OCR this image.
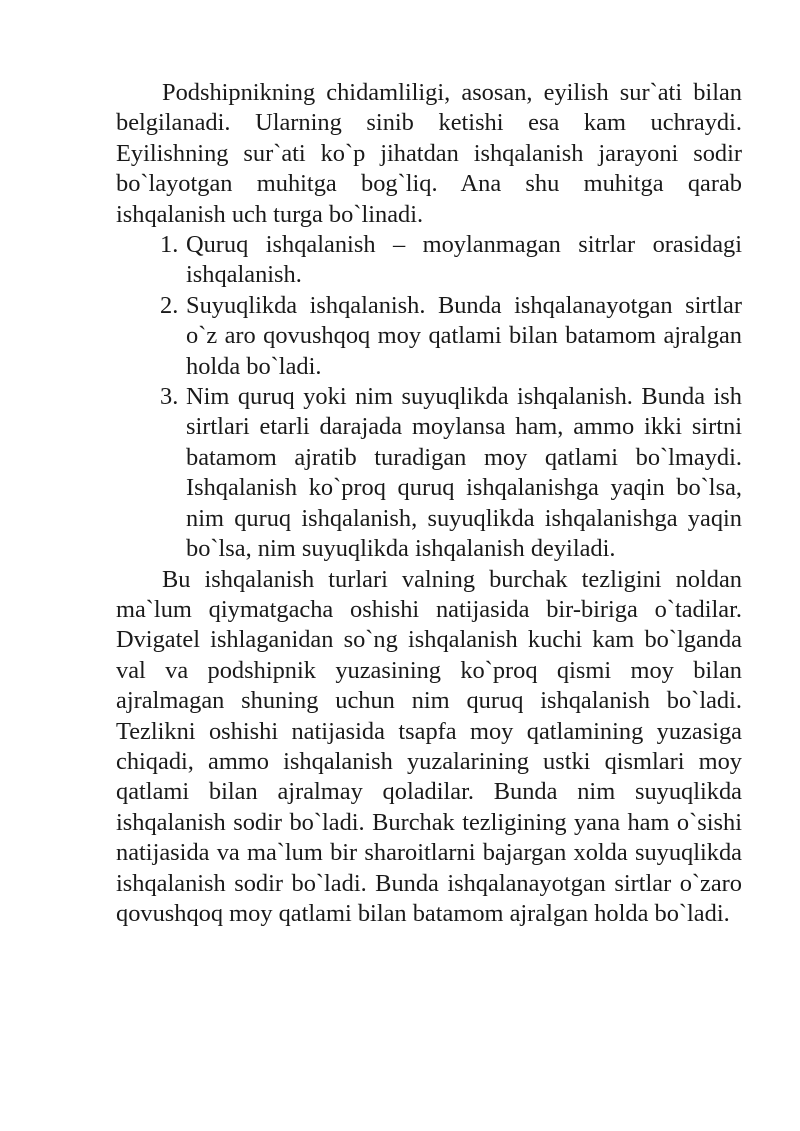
Podshipnikning chidamliligi, asosan, eyilish sur`ati bilan belgilanadi. Ularning sinib ketishi esa kam uchraydi. Eyilishning sur`ati ko`p jihatdan ishqalanish jarayoni sodir bo`layotgan muhitga bog`liq. Ana shu muhitga qarab ishqalanish uch turga bo`linadi.

1. Quruq ishqalanish – moylanmagan sitrlar orasidagi ishqalanish.
2. Suyuqlikda ishqalanish. Bunda ishqalanayotgan sirtlar o`z aro qovushqoq moy qatlami bilan batamom ajralgan holda bo`ladi.
3. Nim quruq yoki nim suyuqlikda ishqalanish. Bunda ish sirtlari etarli darajada moylansa ham, ammo ikki sirtni batamom ajratib turadigan moy qatlami bo`lmaydi. Ishqalanish ko`proq quruq ishqalanishga yaqin bo`lsa, nim quruq ishqalanish, suyuqlikda ishqalanishga yaqin bo`lsa, nim suyuqlikda ishqalanish deyiladi.

Bu ishqalanish turlari valning burchak tezligini noldan ma`lum qiymatgacha oshishi natijasida bir-biriga o`tadilar. Dvigatel ishlaganidan so`ng ishqalanish kuchi kam bo`lganda val va podshipnik yuzasining ko`proq qismi moy bilan ajralmagan shuning uchun nim quruq ishqalanish bo`ladi. Tezlikni oshishi natijasida tsapfa moy qatlamining yuzasiga chiqadi, ammo ishqalanish yuzalarining ustki qismlari moy qatlami bilan ajralmay qoladilar. Bunda nim suyuqlikda ishqalanish sodir bo`ladi. Burchak tezligining yana ham o`sishi natijasida va ma`lum bir sharoitlarni bajargan xolda suyuqlikda ishqalanish sodir bo`ladi. Bunda ishqalanayotgan sirtlar o`zaro qovushqoq moy qatlami bilan batamom ajralgan holda bo`ladi.
